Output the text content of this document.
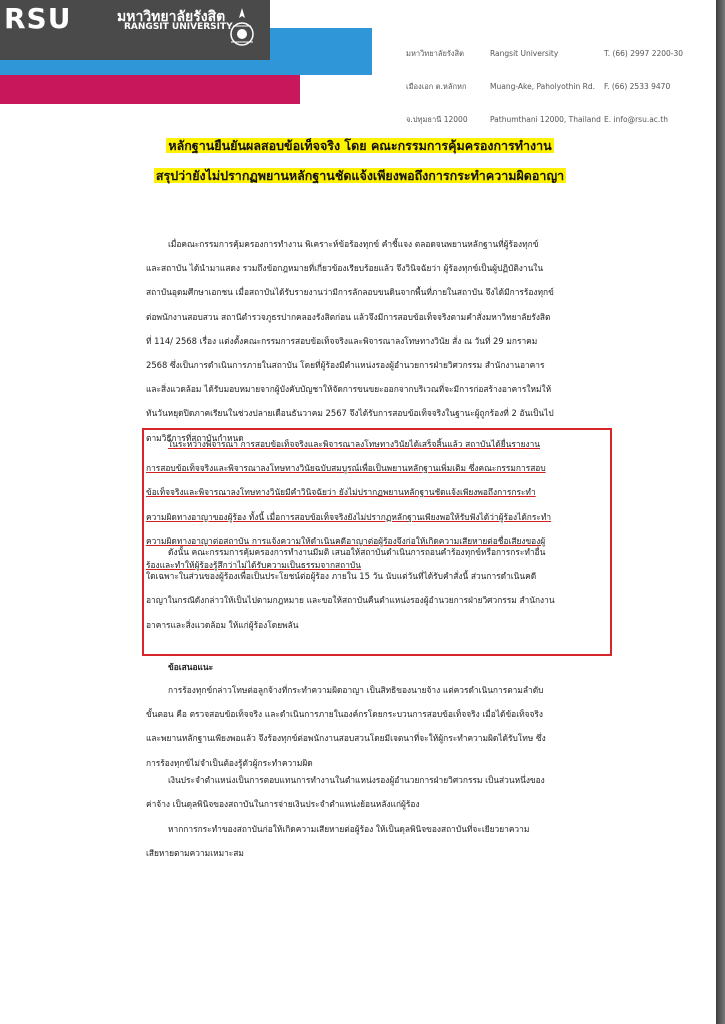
RSU	มหาวิทยาลัยรังสิต
RANGSIT UNIVERSITY

มหาวิทยาลัยรังสิต

เมืองเอก ต.หลักหก

จ.ปทุมธานี 12000

Rangsit University

Muang-Ake, Paholyothin Rd.

Pathumthani 12000, Thailand

T. (66) 2997 2200-30

F. (66) 2533 9470

E. info@rsu.ac.th

หลักฐานยืนยันผลสอบข้อเท็จจริง โดย คณะกรรมการคุ้มครองการทำงาน
สรุปว่ายังไม่ปรากฏพยานหลักฐานชัดแจ้งเพียงพอถึงการกระทำความผิดอาญา
เมื่อคณะกรรมการคุ้มครองการทำงาน พิเคราะห์ข้อร้องทุกข์ คำชี้แจง ตลอดจนพยานหลักฐานที่ผู้ร้องทุกข์
และสถาบัน ได้นำมาแสดง รวมถึงข้อกฎหมายที่เกี่ยวข้องเรียบร้อยแล้ว จึงวินิจฉัยว่า ผู้ร้องทุกข์เป็นผู้ปฏิบัติงานใน
สถาบันอุดมศึกษาเอกชน เมื่อสถาบันได้รับรายงานว่ามีการลักลอบขนดินจากพื้นที่ภายในสถาบัน จึงได้มีการร้องทุกข์
ต่อพนักงานสอบสวน สถานีตำรวจภูธรปากคลองรังสิตก่อน แล้วจึงมีการสอบข้อเท็จจริงตามคำสั่งมหาวิทยาลัยรังสิต
ที่ 114/ 2568 เรื่อง แต่งตั้งคณะกรรมการสอบข้อเท็จจริงและพิจารณาลงโทษทางวินัย สั่ง ณ วันที่ 29 มกราคม
2568 ซึ่งเป็นการดำเนินการภายในสถาบัน โดยที่ผู้ร้องมีตำแหน่งรองผู้อำนวยการฝ่ายวิศวกรรม สำนักงานอาคาร
และสิ่งแวดล้อม ได้รับมอบหมายจากผู้บังคับบัญชาให้จัดการขนขยะออกจากบริเวณที่จะมีการก่อสร้างอาคารใหม่ให้
ทันวันหยุดปิดภาคเรียนในช่วงปลายเดือนธันวาคม 2567 จึงได้รับการสอบข้อเท็จจริงในฐานะผู้ถูกร้องที่ 2 อันเป็นไป
ตามวิธีการที่สถาบันกำหนด
ในระหว่างพิจารณา การสอบข้อเท็จจริงและพิจารณาลงโทษทางวินัยได้เสร็จสิ้นแล้ว สถาบันได้ยื่นรายงาน
การสอบข้อเท็จจริงและพิจารณาลงโทษทางวินัยฉบับสมบูรณ์เพื่อเป็นพยานหลักฐานเพิ่มเติม ซึ่งคณะกรรมการสอบ
ข้อเท็จจริงและพิจารณาลงโทษทางวินัยมีคำวินิจฉัยว่า ยังไม่ปรากฏพยานหลักฐานชัดแจ้งเพียงพอถึงการกระทำ
ความผิดทางอาญาของผู้ร้อง ทั้งนี้ เมื่อการสอบข้อเท็จจริงยังไม่ปรากฏหลักฐานเพียงพอให้รับฟังได้ว่าผู้ร้องได้กระทำ
ความผิดทางอาญาต่อสถาบัน การแจ้งความให้ดำเนินคดีอาญาต่อผู้ร้องจึงก่อให้เกิดความเสียหายต่อชื่อเสียงของผู้
ร้องและทำให้ผู้ร้องรู้สึกว่าไม่ได้รับความเป็นธรรมจากสถาบัน
ดังนั้น คณะกรรมการคุ้มครองการทำงานมีมติ เสนอให้สถาบันดำเนินการถอนคำร้องทุกข์หรือการกระทำอื่น
ใดเฉพาะในส่วนของผู้ร้องเพื่อเป็นประโยชน์ต่อผู้ร้อง ภายใน 15 วัน นับแต่วันที่ได้รับคำสั่งนี้ ส่วนการดำเนินคดี
อาญาในกรณีดังกล่าวให้เป็นไปตามกฎหมาย และขอให้สถาบันคืนตำแหน่งรองผู้อำนวยการฝ่ายวิศวกรรม สำนักงาน
อาคารและสิ่งแวดล้อม ให้แก่ผู้ร้องโดยพลัน
ข้อเสนอแนะ
การร้องทุกข์กล่าวโทษต่อลูกจ้างที่กระทำความผิดอาญา เป็นสิทธิของนายจ้าง แต่ควรดำเนินการตามลำดับ
ขั้นตอน คือ ตรวจสอบข้อเท็จจริง และดำเนินการภายในองค์กรโดยกระบวนการสอบข้อเท็จจริง เมื่อได้ข้อเท็จจริง
และพยานหลักฐานเพียงพอแล้ว จึงร้องทุกข์ต่อพนักงานสอบสวนโดยมีเจตนาที่จะให้ผู้กระทำความผิดได้รับโทษ ซึ่ง
การร้องทุกข์ไม่จำเป็นต้องรู้ตัวผู้กระทำความผิด
เงินประจำตำแหน่งเป็นการตอบแทนการทำงานในตำแหน่งรองผู้อำนวยการฝ่ายวิศวกรรม เป็นส่วนหนึ่งของ
ค่าจ้าง เป็นดุลพินิจของสถาบันในการจ่ายเงินประจำตำแหน่งย้อนหลังแก่ผู้ร้อง
หากการกระทำของสถาบันก่อให้เกิดความเสียหายต่อผู้ร้อง ให้เป็นดุลพินิจของสถาบันที่จะเยียวยาความ
เสียหายตามความเหมาะสม
